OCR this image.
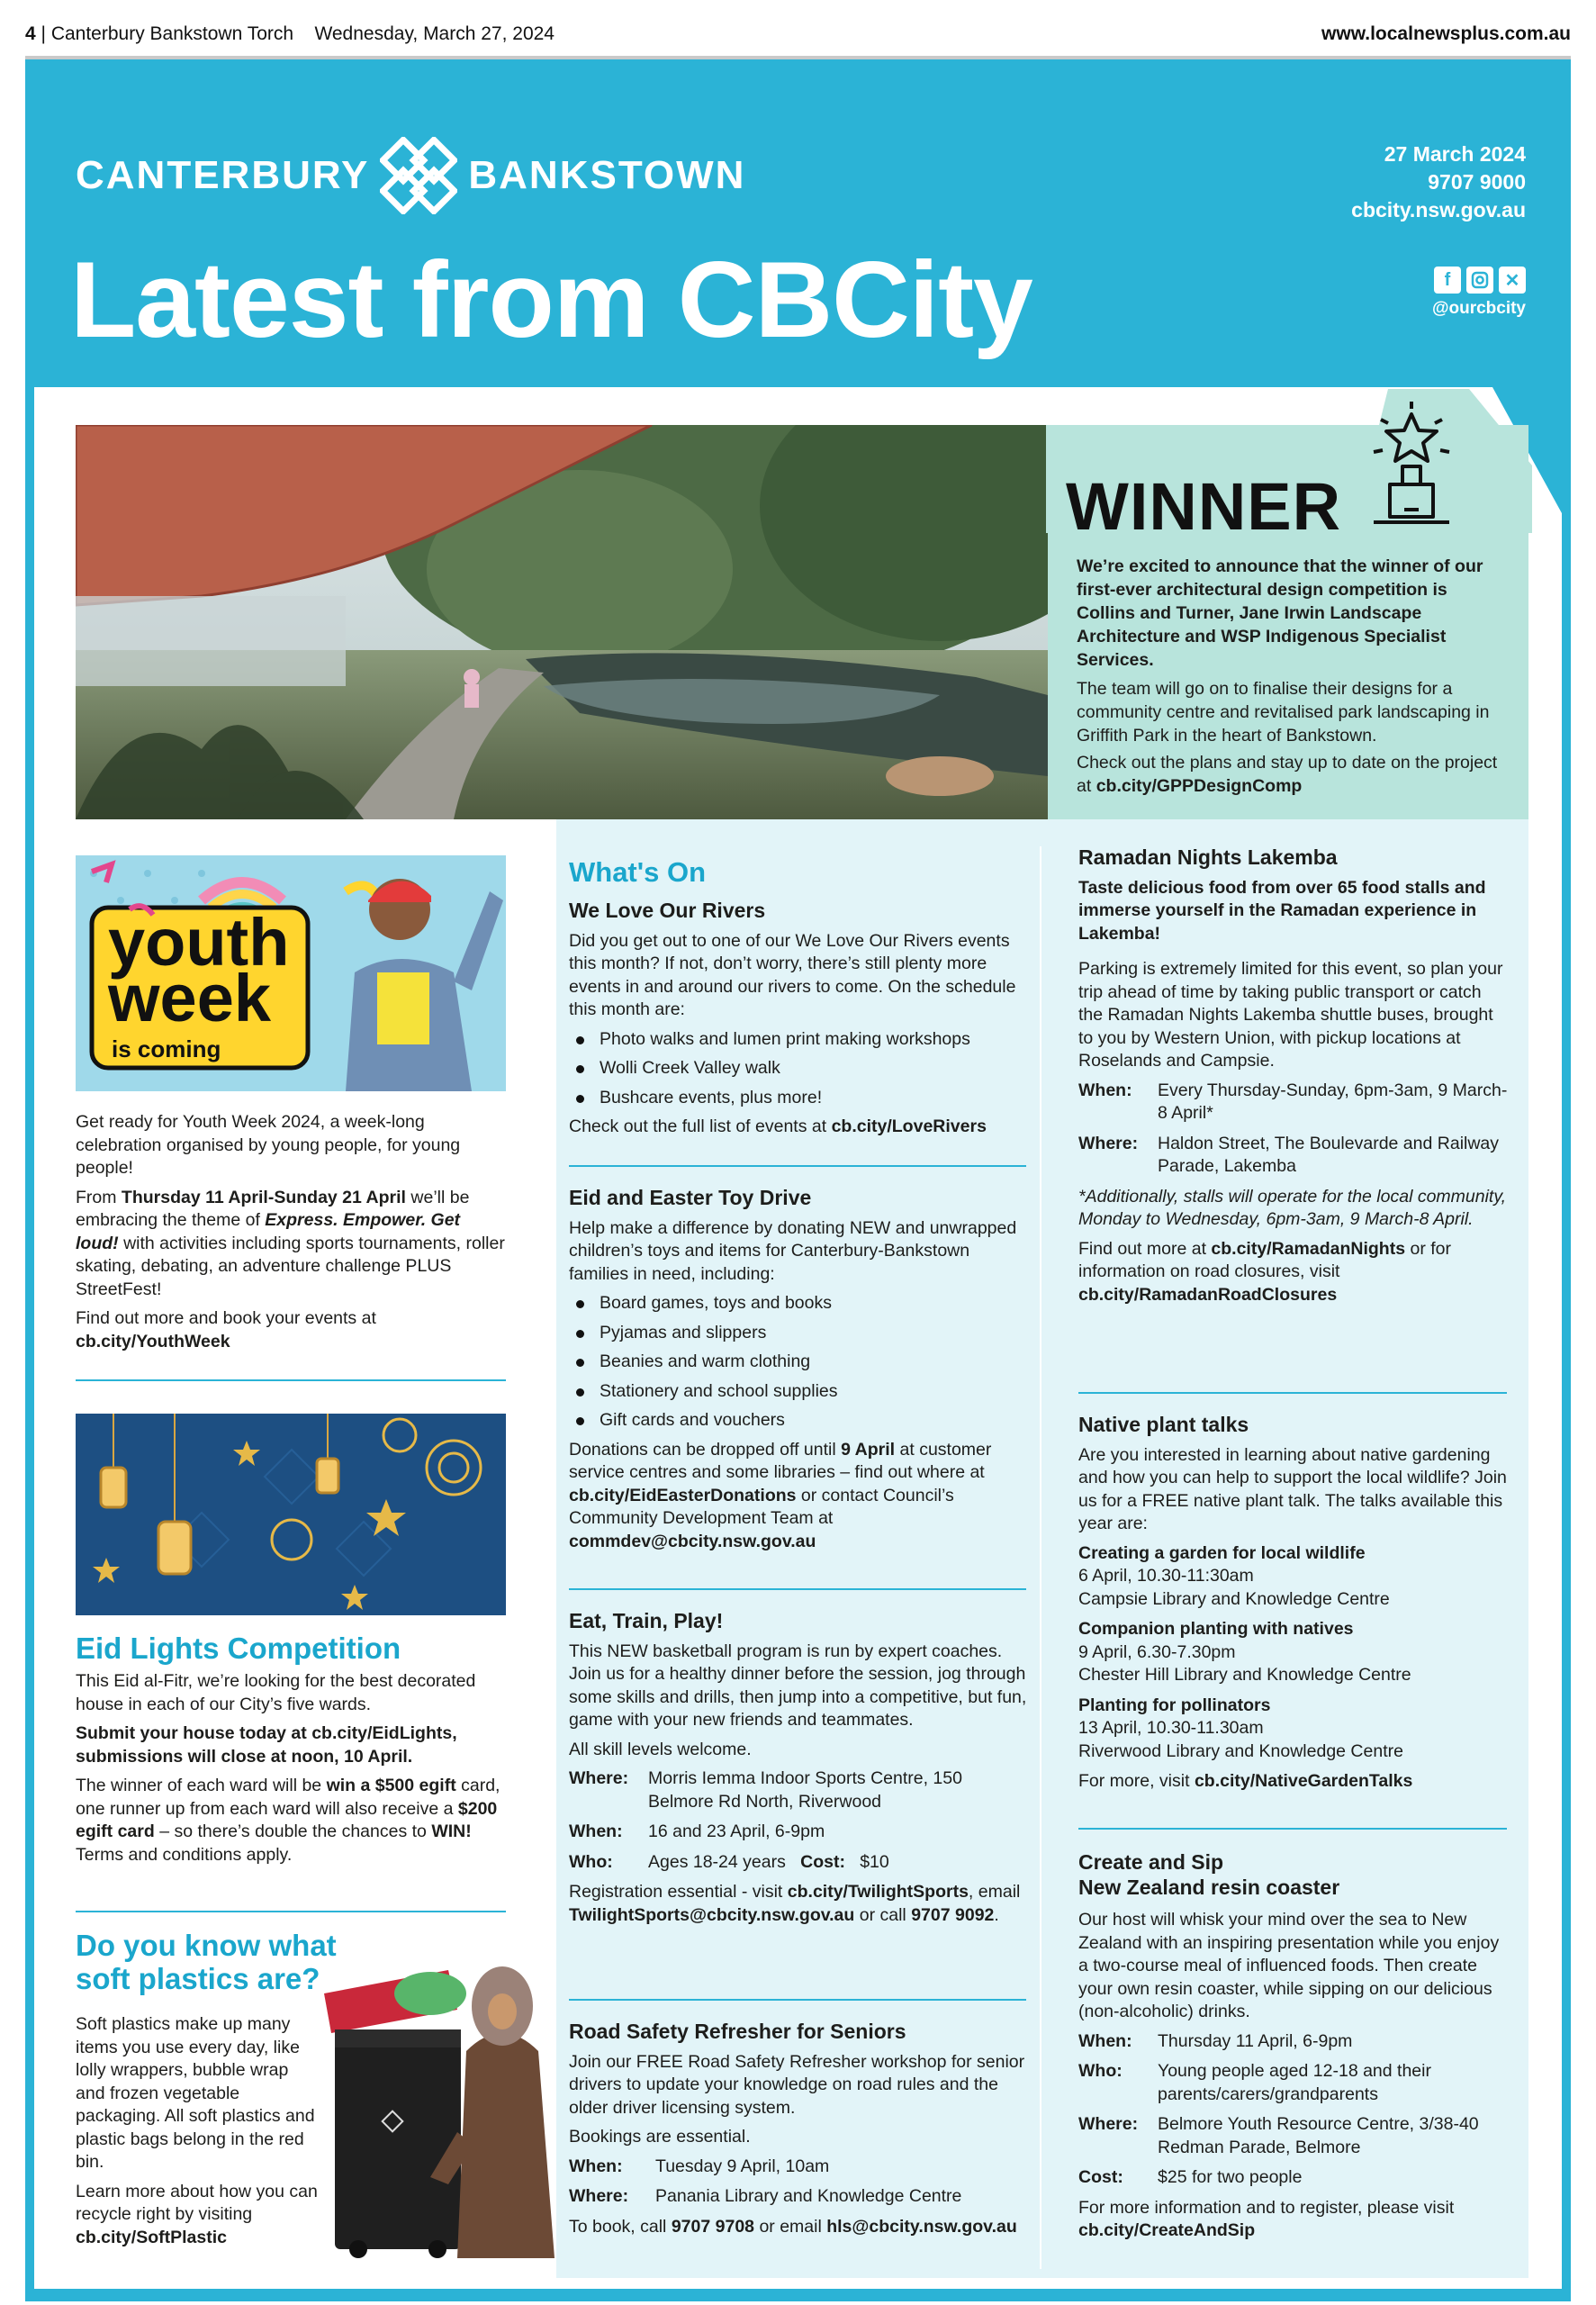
4 | Canterbury Bankstown Torch Wednesday, March 27, 2024	www.localnewsplus.com.au
CANTERBURY	BANKSTOWN
Latest from CBCity
27 March 2024
9707 9000
cbcity.nsw.gov.au
f	✕
@ourcbcity
WINNER
We’re excited to announce that the winner of our first-ever architectural design competition is Collins and Turner, Jane Irwin Landscape Architecture and WSP Indigenous Specialist Services.
The team will go on to finalise their designs for a community centre and revitalised park landscaping in Griffith Park in the heart of Bankstown.
Check out the plans and stay up to date on the project at cb.city/GPPDesignComp
youth
week
is coming

Get ready for Youth Week 2024, a week-long celebration organised by young people, for young people!

From Thursday 11 April-Sunday 21 April we’ll be embracing the theme of Express. Empower. Get loud! with activities including sports tournaments, roller skating, debating, an adventure challenge PLUS StreetFest!

Find out more and book your events at
cb.city/YouthWeek

Eid Lights Competition

This Eid al-Fitr, we’re looking for the best decorated house in each of our City’s five wards.

Submit your house today at cb.city/EidLights, submissions will close at noon, 10 April.

The winner of each ward will be win a $500 egift card, one runner up from each ward will also receive a $200 egift card – so there’s double the chances to WIN! Terms and conditions apply.

Do you know what soft plastics are?

Soft plastics make up many items you use every day, like lolly wrappers, bubble wrap and frozen vegetable packaging. All soft plastics and plastic bags belong in the red bin.

Learn more about how you can recycle right by visiting cb.city/SoftPlastic

What's On
We Love Our Rivers

Did you get out to one of our We Love Our Rivers events this month? If not, don’t worry, there’s still plenty more events in and around our rivers to come. On the schedule this month are:

Photo walks and lumen print making workshops
Wolli Creek Valley walk
Bushcare events, plus more!

Check out the full list of events at cb.city/LoveRivers

Eid and Easter Toy Drive

Help make a difference by donating NEW and unwrapped children’s toys and items for Canterbury-Bankstown families in need, including:

Board games, toys and books
Pyjamas and slippers
Beanies and warm clothing
Stationery and school supplies
Gift cards and vouchers

Donations can be dropped off until 9 April at customer service centres and some libraries – find out where at cb.city/EidEasterDonations or contact Council’s Community Development Team at commdev@cbcity.nsw.gov.au

Eat, Train, Play!

This NEW basketball program is run by expert coaches. Join us for a healthy dinner before the session, jog through some skills and drills, then jump into a competitive, but fun, game with your new friends and teammates.

All skill levels welcome.

Where:	Morris Iemma Indoor Sports Centre, 150 Belmore Rd North, Riverwood
When:	16 and 23 April, 6-9pm
Who:	Ages 18-24 years Cost: $10

Registration essential - visit cb.city/TwilightSports, email TwilightSports@cbcity.nsw.gov.au or call 9707 9092.

Road Safety Refresher for Seniors

Join our FREE Road Safety Refresher workshop for senior drivers to update your knowledge on road rules and the older driver licensing system.

Bookings are essential.

When:	Tuesday 9 April, 10am
Where:	Panania Library and Knowledge Centre

To book, call 9707 9708 or email hls@cbcity.nsw.gov.au

Ramadan Nights Lakemba

Taste delicious food from over 65 food stalls and immerse yourself in the Ramadan experience in Lakemba!

Parking is extremely limited for this event, so plan your trip ahead of time by taking public transport or catch the Ramadan Nights Lakemba shuttle buses, brought to you by Western Union, with pickup locations at Roselands and Campsie.

When:	Every Thursday-Sunday, 6pm-3am, 9 March-8 April*
Where:	Haldon Street, The Boulevarde and Railway Parade, Lakemba

*Additionally, stalls will operate for the local community, Monday to Wednesday, 6pm-3am, 9 March-8 April.

Find out more at cb.city/RamadanNights or for information on road closures, visit cb.city/RamadanRoadClosures

Native plant talks

Are you interested in learning about native gardening and how you can help to support the local wildlife? Join us for a FREE native plant talk. The talks available this year are:

Creating a garden for local wildlife
6 April, 10.30-11:30am
Campsie Library and Knowledge Centre
Companion planting with natives
9 April, 6.30-7.30pm
Chester Hill Library and Knowledge Centre
Planting for pollinators
13 April, 10.30-11.30am
Riverwood Library and Knowledge Centre

For more, visit cb.city/NativeGardenTalks

Create and Sip
New Zealand resin coaster

Our host will whisk your mind over the sea to New Zealand with an inspiring presentation while you enjoy a two-course meal of influenced foods. Then create your own resin coaster, while sipping on our delicious (non-alcoholic) drinks.

When:	Thursday 11 April, 6-9pm
Who:	Young people aged 12-18 and their parents/carers/grandparents
Where:	Belmore Youth Resource Centre, 3/38-40 Redman Parade, Belmore
Cost:	$25 for two people

For more information and to register, please visit cb.city/CreateAndSip
